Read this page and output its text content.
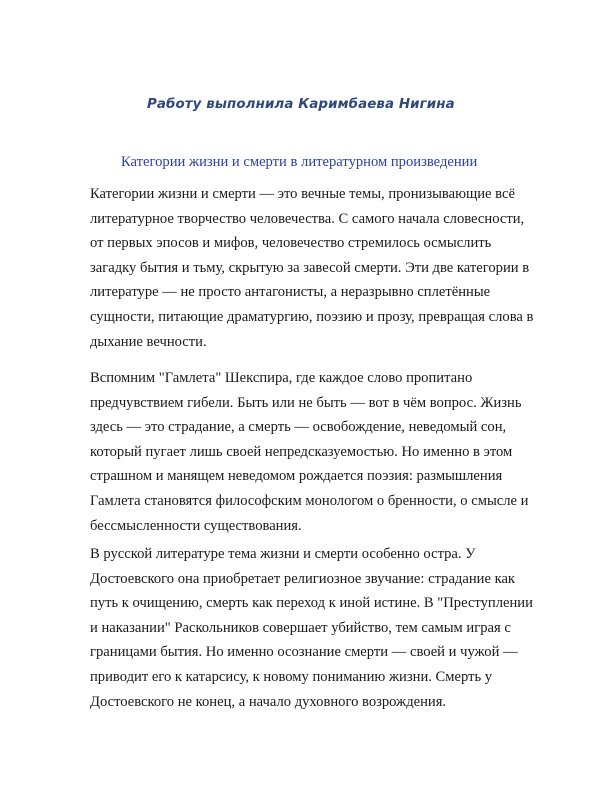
Работу выполнила Каримбаева Нигина
Категории жизни и смерти в литературном произведении
Категории жизни и смерти — это вечные темы, пронизывающие всё
литературное творчество человечества. С самого начала словесности,
от первых эпосов и мифов, человечество стремилось осмыслить
загадку бытия и тьму, скрытую за завесой смерти. Эти две категории в
литературе — не просто антагонисты, а неразрывно сплетённые
сущности, питающие драматургию, поэзию и прозу, превращая слова в
дыхание вечности.
Вспомним "Гамлета" Шекспира, где каждое слово пропитано
предчувствием гибели. Быть или не быть — вот в чём вопрос. Жизнь
здесь — это страдание, а смерть — освобождение, неведомый сон,
который пугает лишь своей непредсказуемостью. Но именно в этом
страшном и манящем неведомом рождается поэзия: размышления
Гамлета становятся философским монологом о бренности, о смысле и
бессмысленности существования.
В русской литературе тема жизни и смерти особенно остра. У
Достоевского она приобретает религиозное звучание: страдание как
путь к очищению, смерть как переход к иной истине. В "Преступлении
и наказании" Раскольников совершает убийство, тем самым играя с
границами бытия. Но именно осознание смерти — своей и чужой —
приводит его к катарсису, к новому пониманию жизни. Смерть у
Достоевского не конец, а начало духовного возрождения.
